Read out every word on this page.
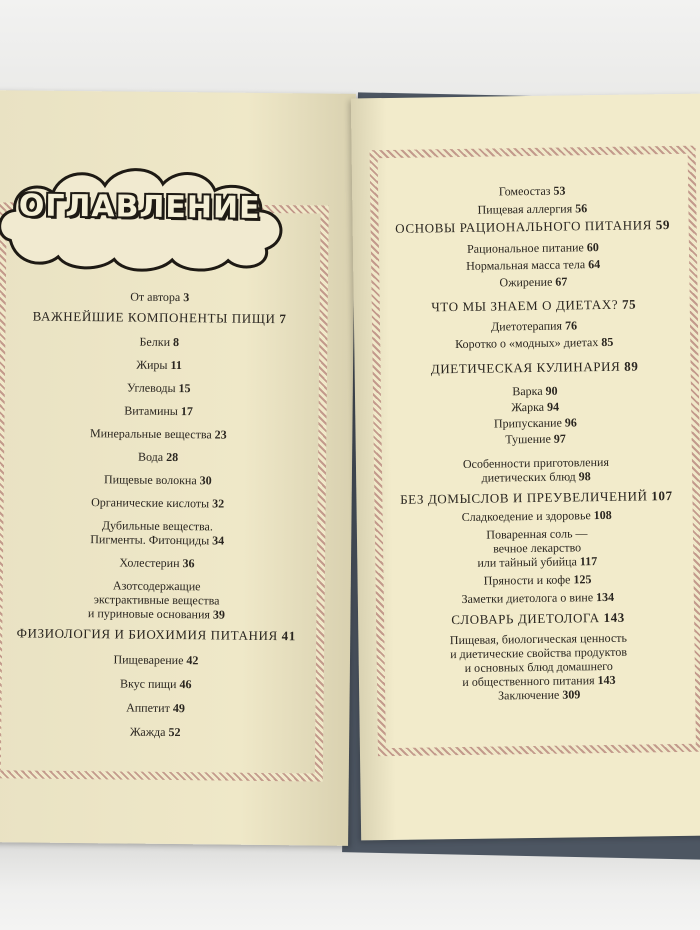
ОГЛАВЛЕНИЕ
От автора 3
ВАЖНЕЙШИЕ КОМПОНЕНТЫ ПИЩИ 7
Белки 8
Жиры 11
Углеводы 15
Витамины 17
Минеральные вещества 23
Вода 28
Пищевые волокна 30
Органические кислоты 32
Дубильные вещества.
Пигменты. Фитонциды 34
Холестерин 36
Азотсодержащие
экстрактивные вещества
и пуриновые основания 39
ФИЗИОЛОГИЯ И БИОХИМИЯ ПИТАНИЯ 41
Пищеварение 42
Вкус пищи 46
Аппетит 49
Жажда 52
Гомеостаз 53
Пищевая аллергия 56
ОСНОВЫ РАЦИОНАЛЬНОГО ПИТАНИЯ 59
Рациональное питание 60
Нормальная масса тела 64
Ожирение 67
ЧТО МЫ ЗНАЕМ О ДИЕТАХ? 75
Диетотерапия 76
Коротко о «модных» диетах 85
ДИЕТИЧЕСКАЯ КУЛИНАРИЯ 89
Варка 90
Жарка 94
Припускание 96
Тушение 97
Особенности приготовления
диетических блюд 98
БЕЗ ДОМЫСЛОВ И ПРЕУВЕЛИЧЕНИЙ 107
Сладкоедение и здоровье 108
Поваренная соль —
вечное лекарство
или тайный убийца 117
Пряности и кофе 125
Заметки диетолога о вине 134
СЛОВАРЬ ДИЕТОЛОГА 143
Пищевая, биологическая ценность
и диетические свойства продуктов
и основных блюд домашнего
и общественного питания 143
Заключение 309
